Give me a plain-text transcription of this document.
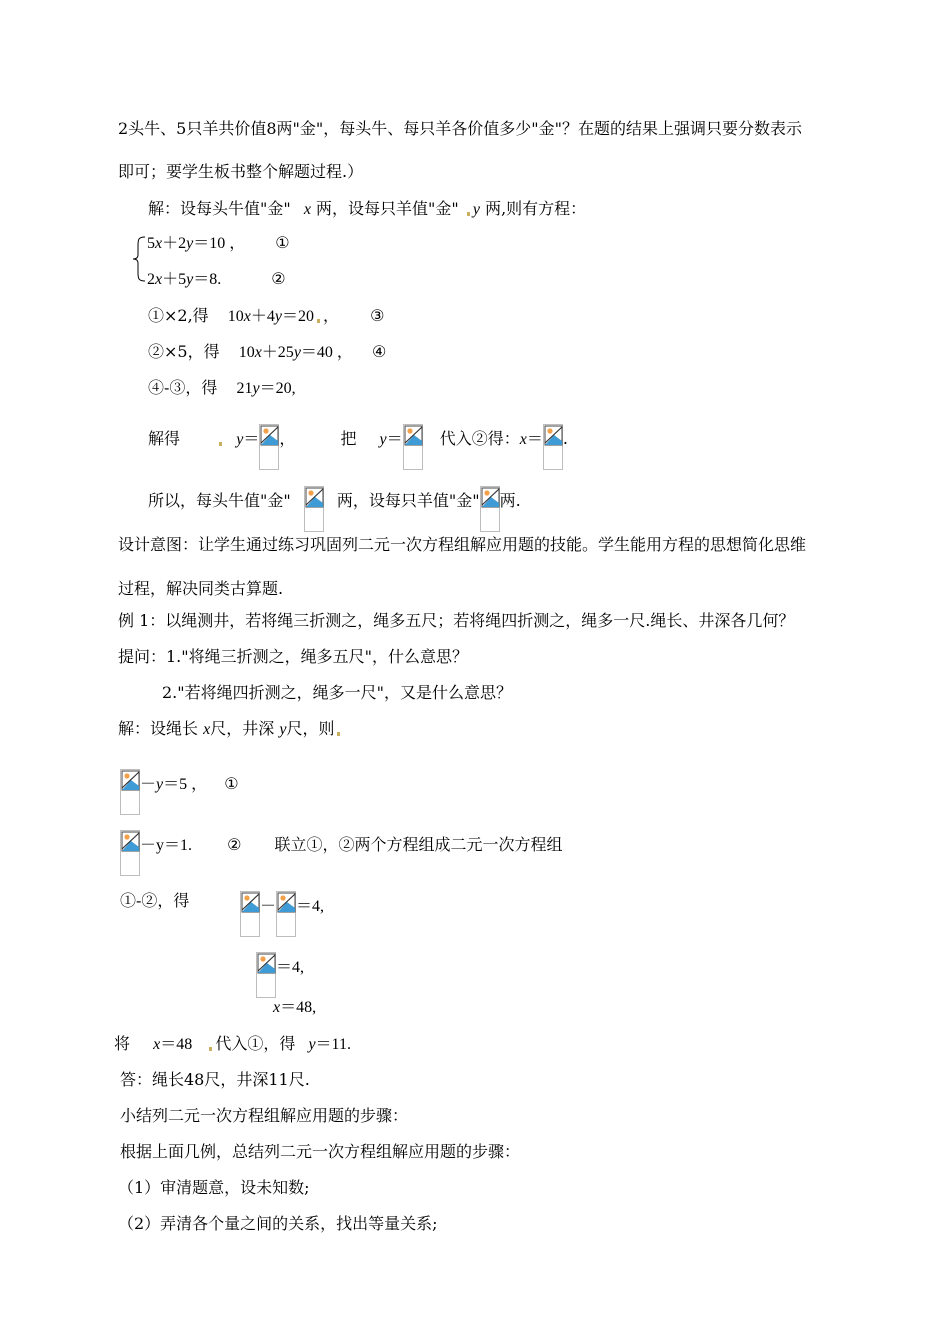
2头牛、5只羊共价值8两"金"，每头牛、每只羊各价值多少"金"？在题的结果上强调只要分数表示
即可；要学生板书整个解题过程.）
解：设每头牛值"金" x 两，设每只羊值"金" y 两,则有方程：
5x＋2y＝10 ， ①
2x＋5y＝8.	②
①×2,得 10x＋4y＝20 ， ③
②×5，得 10x＋25y＝40 ， ④
④-③，得 21y＝20,
解得	y＝ ，	把 y＝ 代入②得：x＝ .
所以，每头牛值"金"	两，设每只羊值"金" 两.
设计意图：让学生通过练习巩固列二元一次方程组解应用题的技能。学生能用方程的思想简化思维
过程，解决同类古算题.
例 1：以绳测井，若将绳三折测之，绳多五尺；若将绳四折测之，绳多一尺.绳长、井深各几何？
提问：1."将绳三折测之，绳多五尺"，什么意思？
2."若将绳四折测之，绳多一尺"，又是什么意思？
解：设绳长 x尺，井深 y尺，则
－y＝5 ， ①
－y＝1. ② 联立①，②两个方程组成二元一次方程组
①-②，得	－ ＝4,
＝4,
x＝48,
将 x＝48 代入①，得 y＝11.
答：绳长48尺，井深11尺.
小结列二元一次方程组解应用题的步骤：
根据上面几例，总结列二元一次方程组解应用题的步骤：
（1）审清题意，设未知数;
（2）弄清各个量之间的关系，找出等量关系;
